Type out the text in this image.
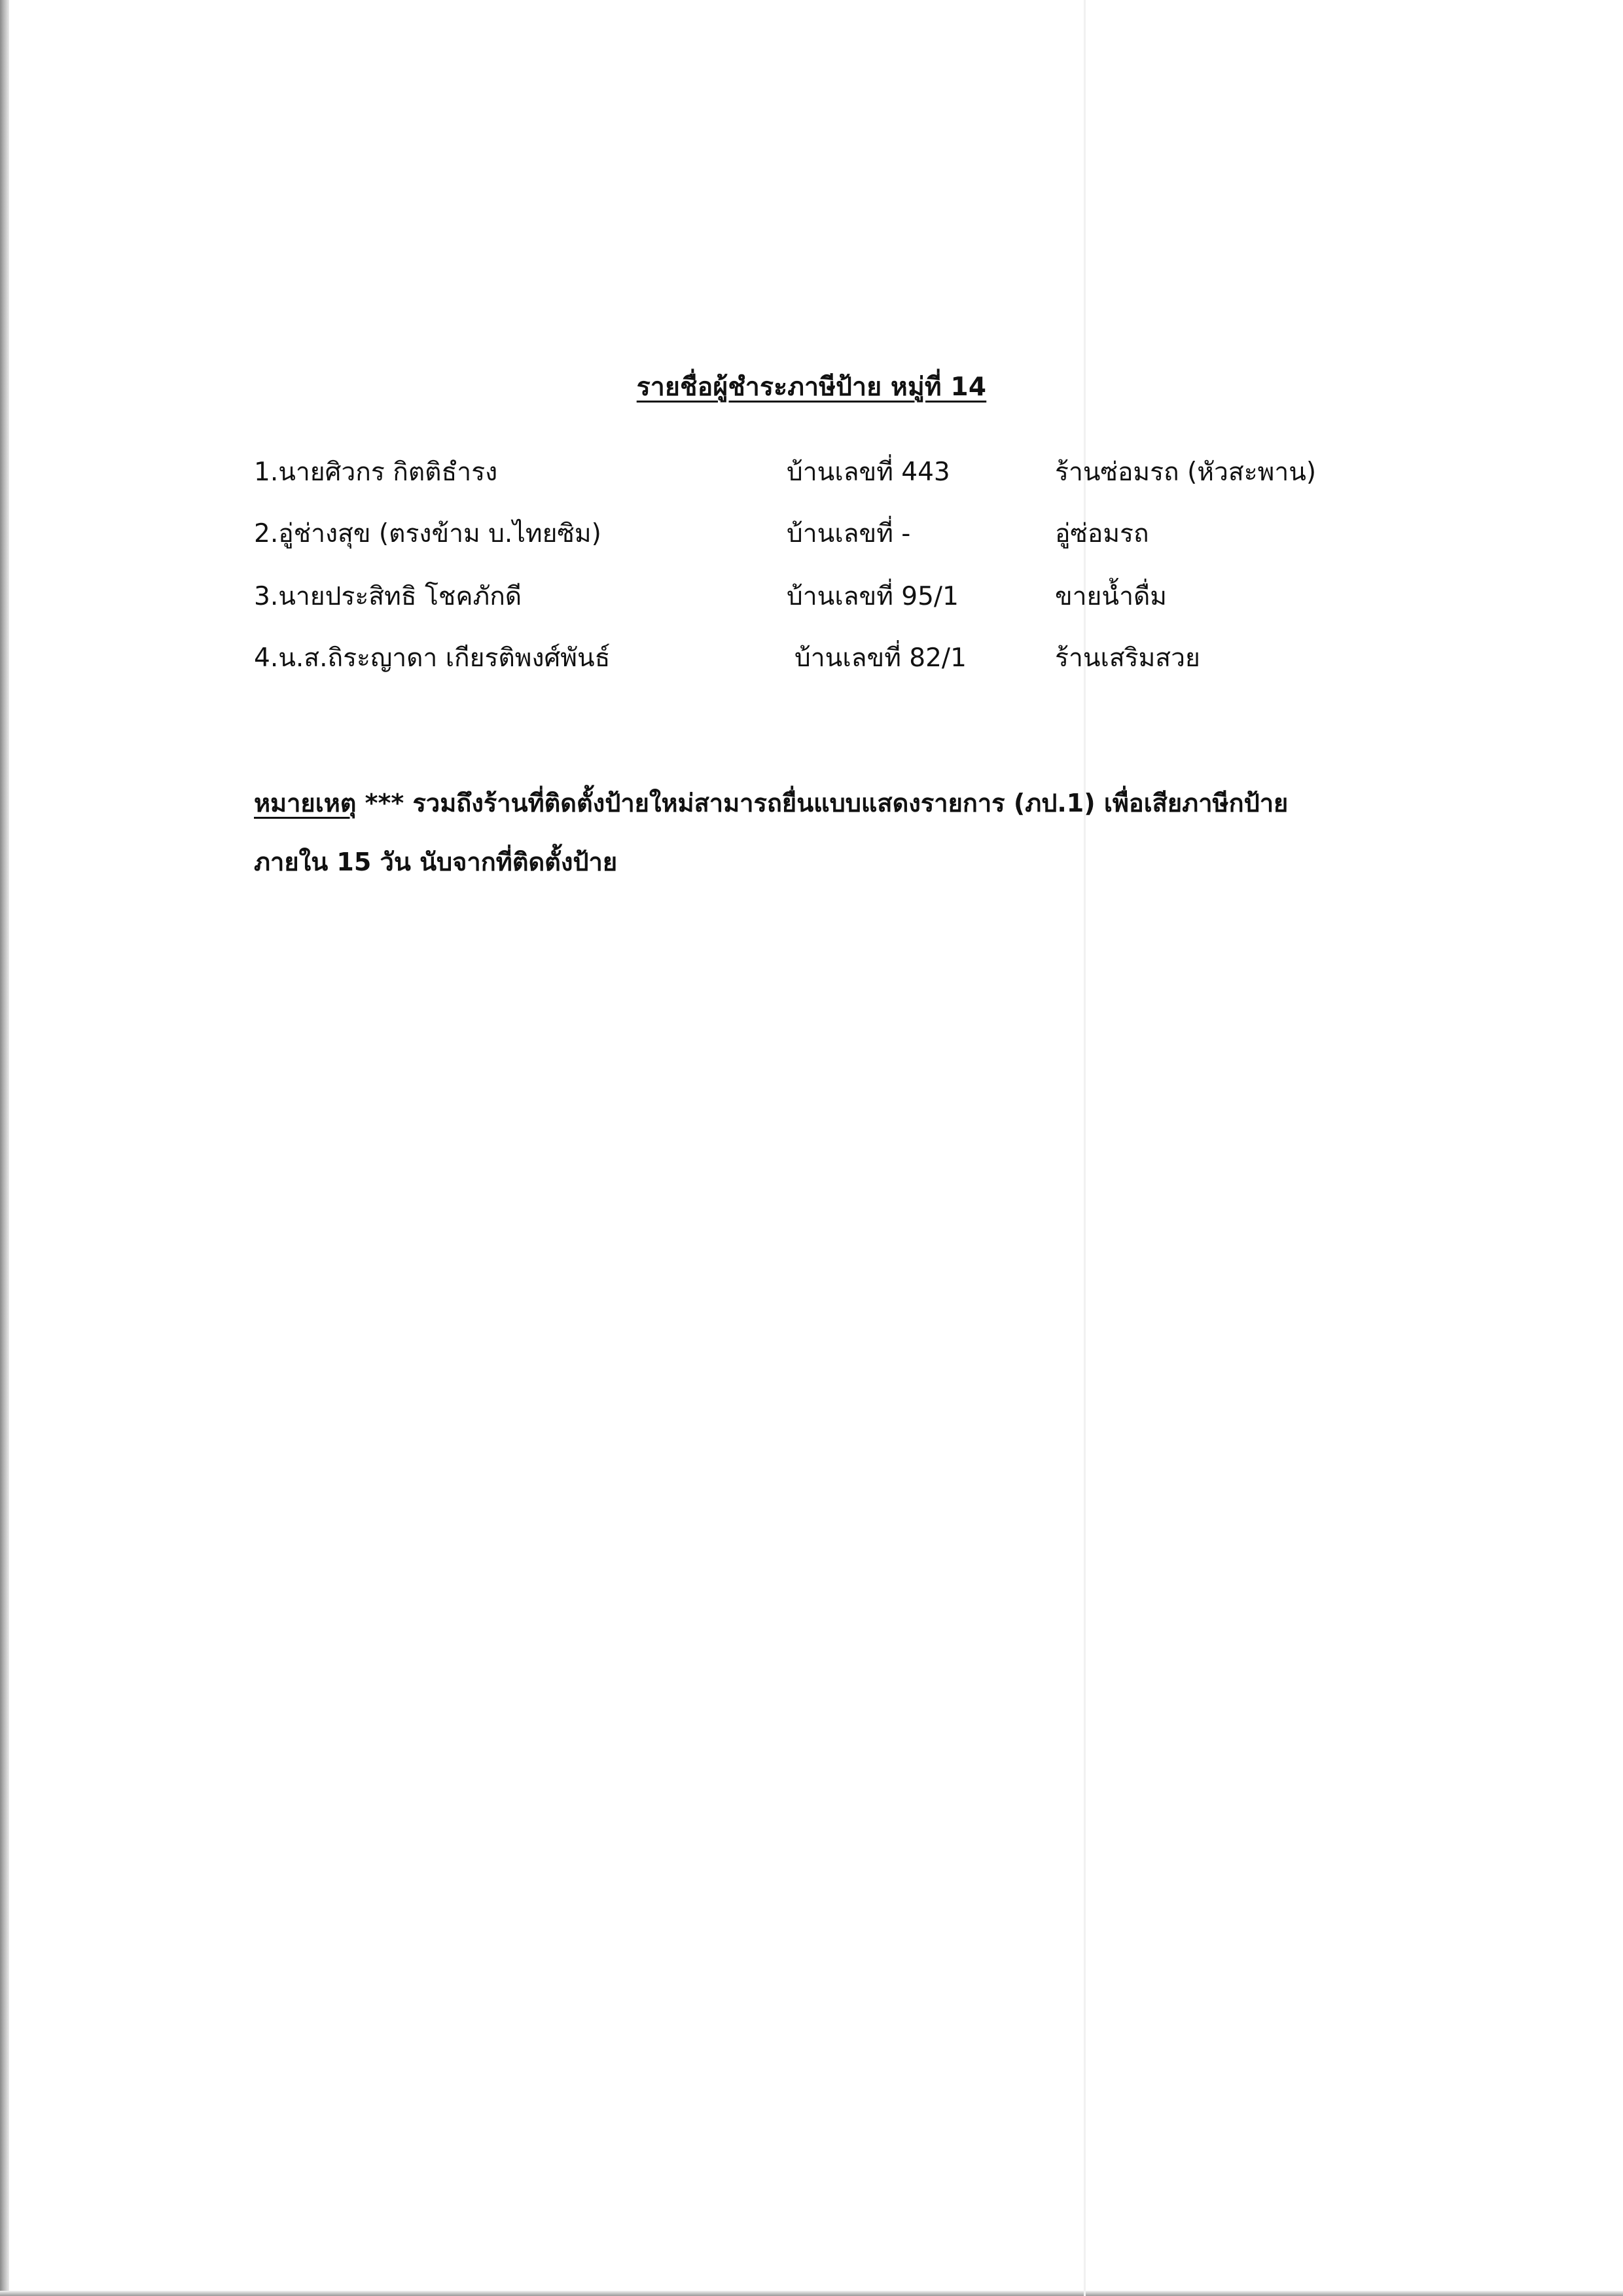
รายชื่อผู้ชำระภาษีป้าย หมู่ที่ 14
1.นายศิวกร กิตติธำรง	บ้านเลขที่ 443	ร้านซ่อมรถ (หัวสะพาน)
2.อู่ช่างสุข (ตรงข้าม บ.ไทยซิม)	บ้านเลขที่ -	อู่ซ่อมรถ
3.นายประสิทธิ โชคภักดี	บ้านเลขที่ 95/1	ขายน้ำดื่ม
4.น.ส.ถิระญาดา เกียรติพงศ์พันธ์	บ้านเลขที่ 82/1	ร้านเสริมสวย
หมายเหตุ *** รวมถึงร้านที่ติดตั้งป้ายใหม่สามารถยื่นแบบแสดงรายการ (ภป.1) เพื่อเสียภาษีกป้าย
ภายใน 15 วัน นับจากที่ติดตั้งป้าย
